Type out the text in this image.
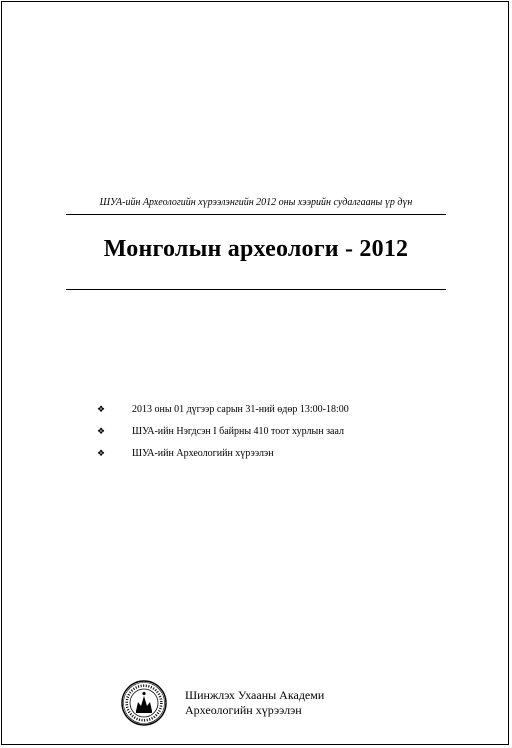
ШУА-ийн Археологийн хүрээлэнгийн 2012 оны хээрийн судалгааны үр дүн
Монголын археологи - 2012
❖	2013 оны 01 дүгээр сарын 31-ний өдөр 13:00-18:00
❖	ШУА-ийн Нэгдсэн I байрны 410 тоот хурлын заал
❖	ШУА-ийн Археологийн хүрээлэн
Шинжлэх Ухааны Академи
Археологийн хүрээлэн
